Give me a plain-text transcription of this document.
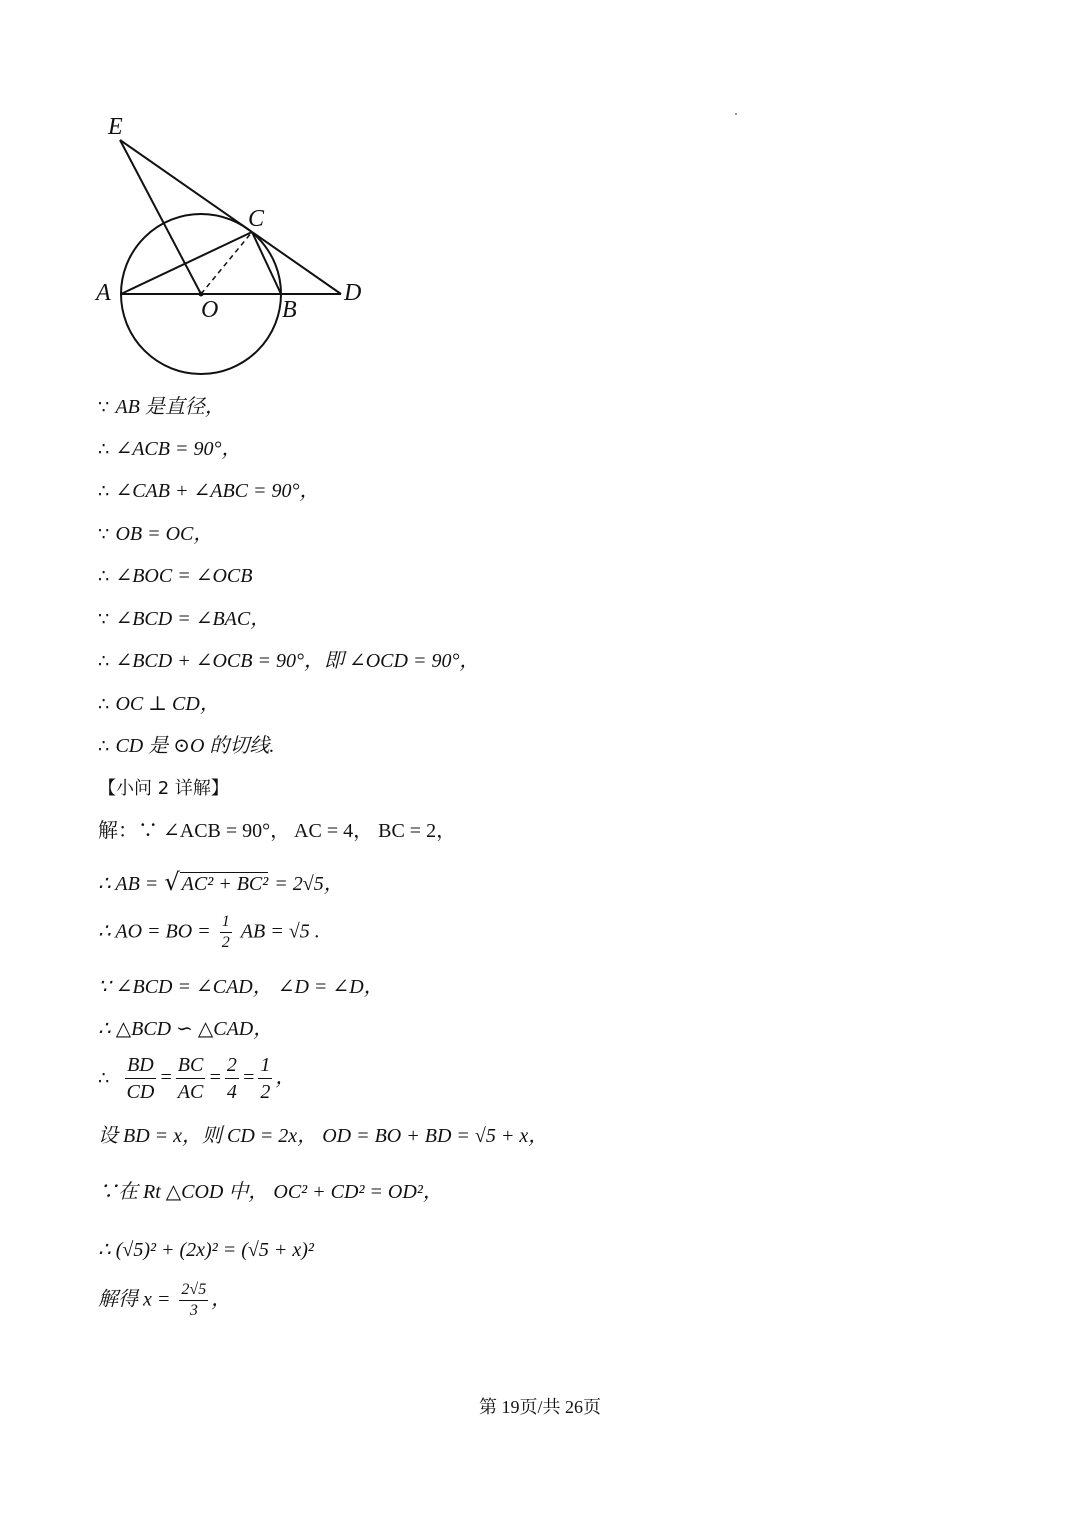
E
C
A
O	B
D
∵ AB 是直径，
∴ ∠ACB = 90°，
∴ ∠CAB + ∠ABC = 90°，
∵ OB = OC，
∴ ∠BOC = ∠OCB
∵ ∠BCD = ∠BAC，
∴ ∠BCD + ∠OCB = 90°，即 ∠OCD = 90°，
∴ OC ⊥ CD，
∴ CD 是 ⊙O 的切线.
【小问 2 详解】
解：∵ ∠ACB = 90°， AC = 4， BC = 2，
∴ AB = √ AC² + BC² = 2√5，
∴ AO = BO = $\frac{1}{2}$ AB = √5 .
∵ ∠BCD = ∠CAD， ∠D = ∠D，
∴ △BCD ∽ △CAD，
∴ $\frac{BD}{CD} = \frac{BC}{AC} = \frac{2}{4} = \frac{1}{2}$ ，
设 BD = x，则 CD = 2x， OD = BO + BD = √5 + x，
∵在 Rt △COD 中， OC² + CD² = OD²，
∴ (√5)² + (2x)² = (√5 + x)²
解得 $x = \frac{2√5}{3}$ ，
第 19页/共 26页
